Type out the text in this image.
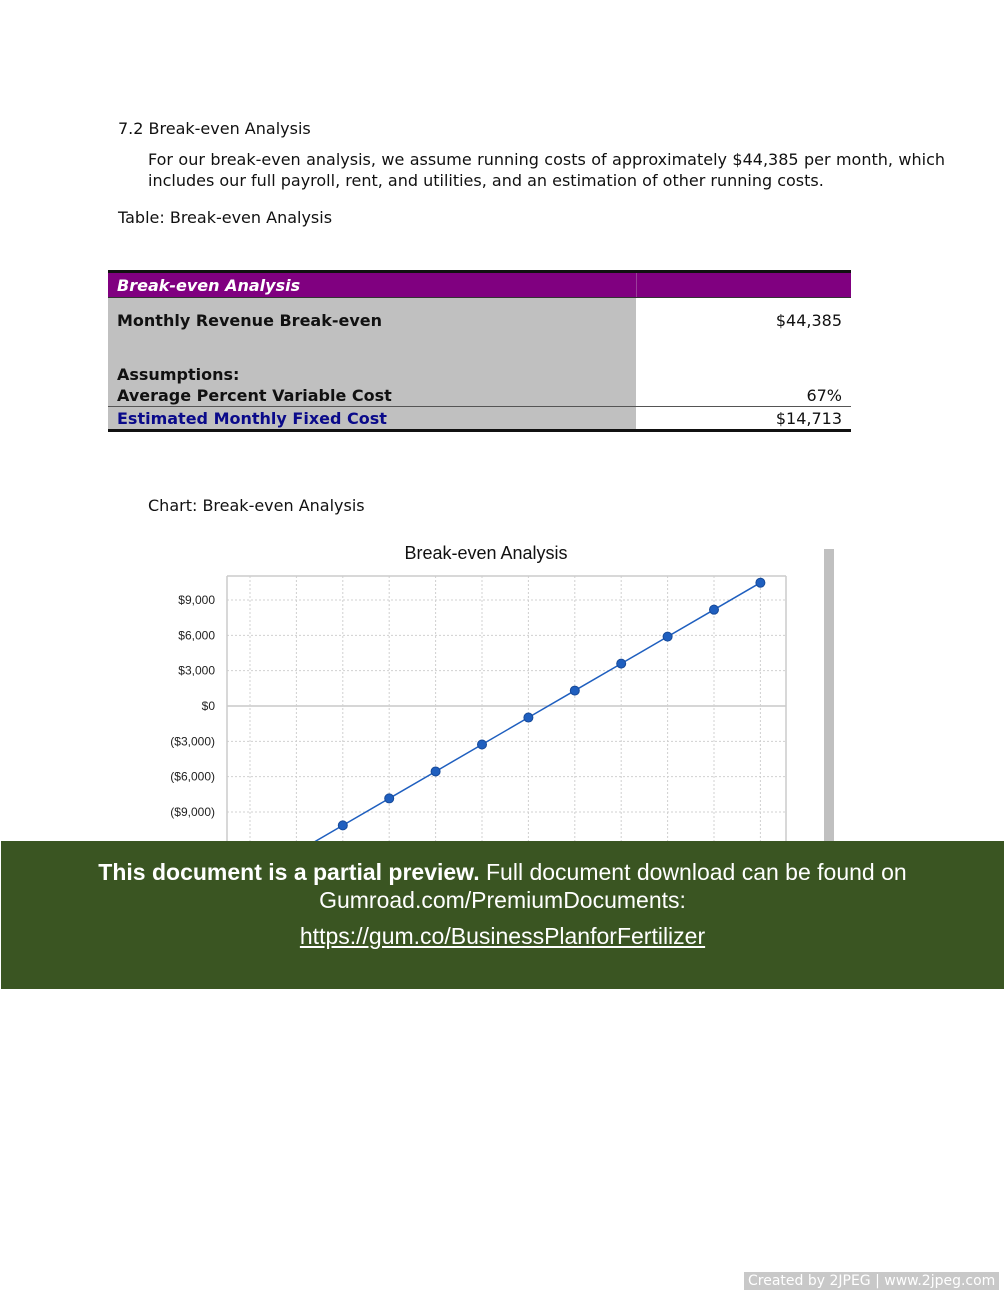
7.2 Break-even Analysis
For our break-even analysis, we assume running costs of approximately $44,385 per month, which includes our full payroll, rent, and utilities, and an estimation of other running costs.
Table: Break-even Analysis
Break-even Analysis	
Monthly Revenue Break-even	$44,385
Assumptions:	
Average Percent Variable Cost	67%
Estimated Monthly Fixed Cost	$14,713
Chart: Break-even Analysis
Break-even Analysis
$9,000
$6,000
$3,000
$0
($3,000)
($6,000)
($9,000)
This document is a partial preview. Full document download can be found on
Gumroad.com/PremiumDocuments:
https://gum.co/BusinessPlanforFertilizer
Created by 2JPEG | www.2jpeg.com
